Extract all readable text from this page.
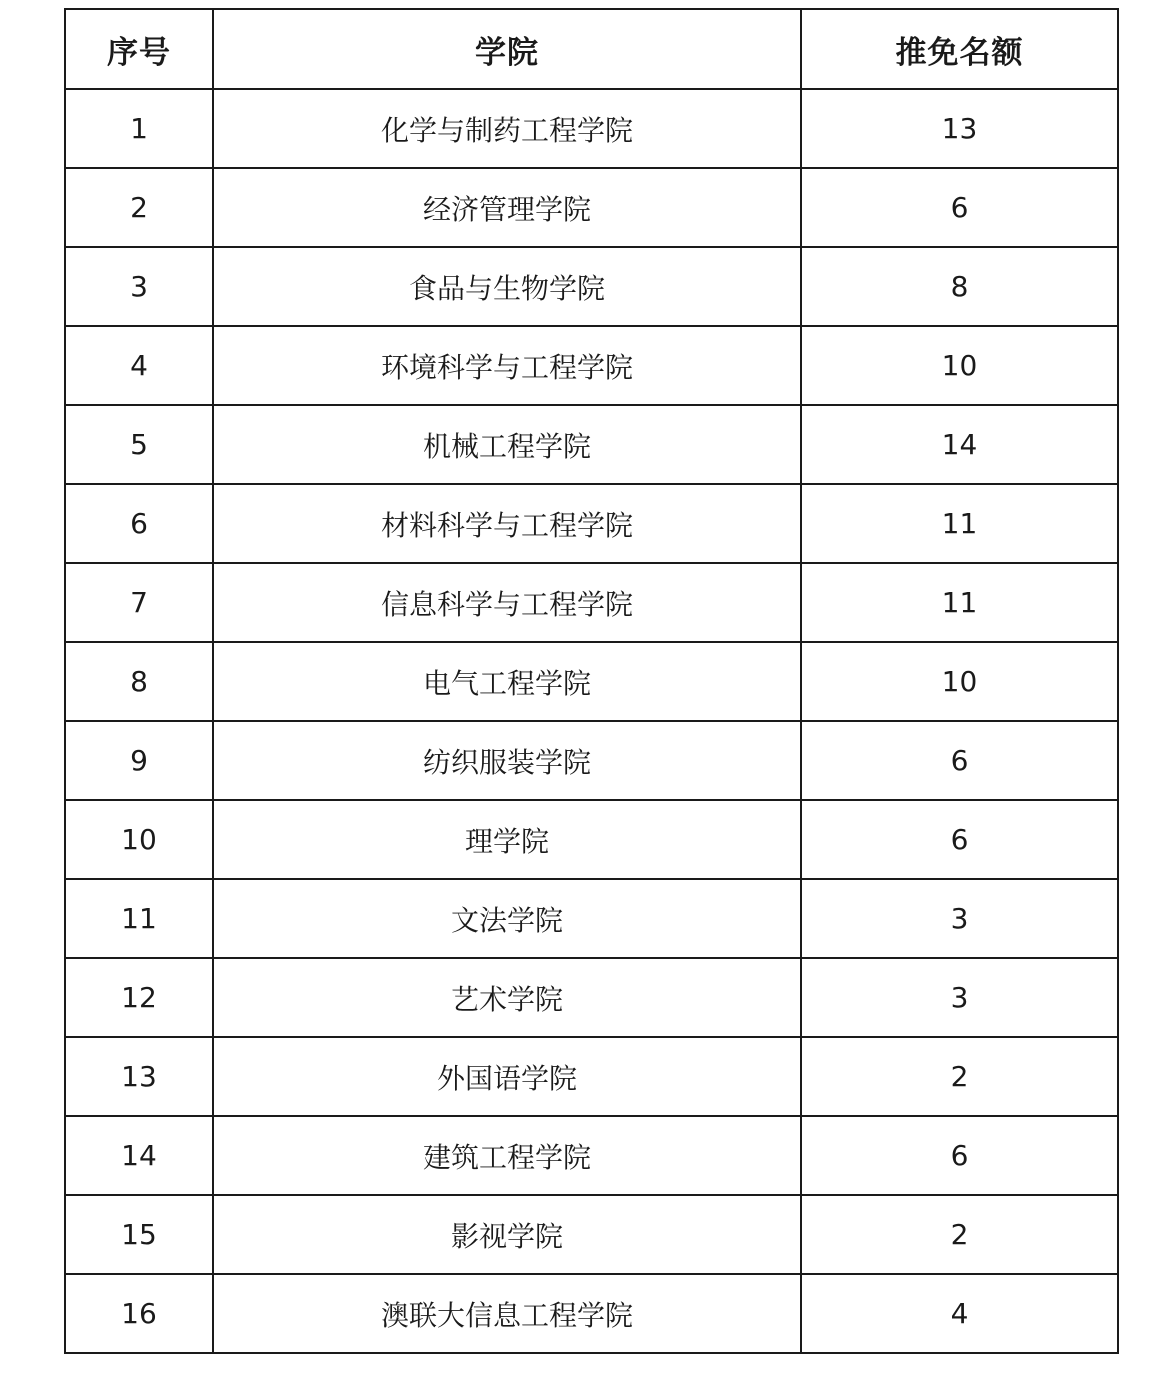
序号	学院	推免名额
1	化学与制药工程学院	13
2	经济管理学院	6
3	食品与生物学院	8
4	环境科学与工程学院	10
5	机械工程学院	14
6	材料科学与工程学院	11
7	信息科学与工程学院	11
8	电气工程学院	10
9	纺织服装学院	6
10	理学院	6
11	文法学院	3
12	艺术学院	3
13	外国语学院	2
14	建筑工程学院	6
15	影视学院	2
16	澳联大信息工程学院	4
